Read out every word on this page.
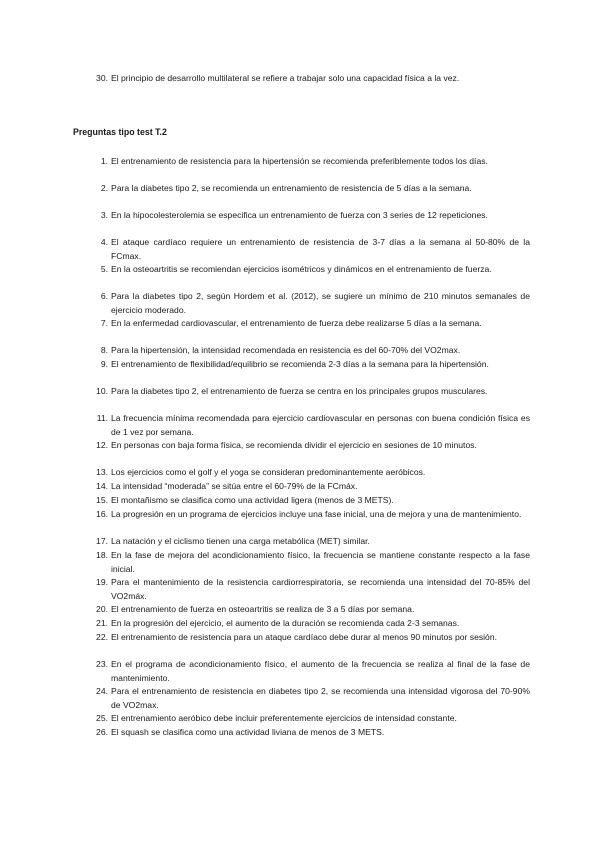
30. El principio de desarrollo multilateral se refiere a trabajar solo una capacidad física a la vez.
Preguntas tipo test T.2
1. El entrenamiento de resistencia para la hipertensión se recomienda preferiblemente todos los días.
2. Para la diabetes tipo 2, se recomienda un entrenamiento de resistencia de 5 días a la semana.
3. En la hipocolesterolemia se especifica un entrenamiento de fuerza con 3 series de 12 repeticiones.
4. El ataque cardíaco requiere un entrenamiento de resistencia de 3-7 días a la semana al 50-80% de la FCmax.
5. En la osteoartritis se recomiendan ejercicios isométricos y dinámicos en el entrenamiento de fuerza.
6. Para la diabetes tipo 2, según Hordem et al. (2012), se sugiere un mínimo de 210 minutos semanales de ejercicio moderado.
7. En la enfermedad cardiovascular, el entrenamiento de fuerza debe realizarse 5 días a la semana.
8. Para la hipertensión, la intensidad recomendada en resistencia es del 60-70% del VO2max.
9. El entrenamiento de flexibilidad/equilibrio se recomienda 2-3 días a la semana para la hipertensión.
10. Para la diabetes tipo 2, el entrenamiento de fuerza se centra en los principales grupos musculares.
11. La frecuencia mínima recomendada para ejercicio cardiovascular en personas con buena condición física es de 1 vez por semana.
12. En personas con baja forma física, se recomienda dividir el ejercicio en sesiones de 10 minutos.
13. Los ejercicios como el golf y el yoga se consideran predominantemente aeróbicos.
14. La intensidad “moderada” se sitúa entre el 60-79% de la FCmáx.
15. El montañismo se clasifica como una actividad ligera (menos de 3 METS).
16. La progresión en un programa de ejercicios incluye una fase inicial, una de mejora y una de mantenimiento.
17. La natación y el ciclismo tienen una carga metabólica (MET) similar.
18. En la fase de mejora del acondicionamiento físico, la frecuencia se mantiene constante respecto a la fase inicial.
19. Para el mantenimiento de la resistencia cardiorrespiratoria, se recomienda una intensidad del 70-85% del VO2máx.
20. El entrenamiento de fuerza en osteoartritis se realiza de 3 a 5 días por semana.
21. En la progresión del ejercicio, el aumento de la duración se recomienda cada 2-3 semanas.
22. El entrenamiento de resistencia para un ataque cardíaco debe durar al menos 90 minutos por sesión.
23. En el programa de acondicionamiento físico, el aumento de la frecuencia se realiza al final de la fase de mantenimiento.
24. Para el entrenamiento de resistencia en diabetes tipo 2, se recomienda una intensidad vigorosa del 70-90% de VO2max.
25. El entrenamiento aeróbico debe incluir preferentemente ejercicios de intensidad constante.
26. El squash se clasifica como una actividad liviana de menos de 3 METS.
